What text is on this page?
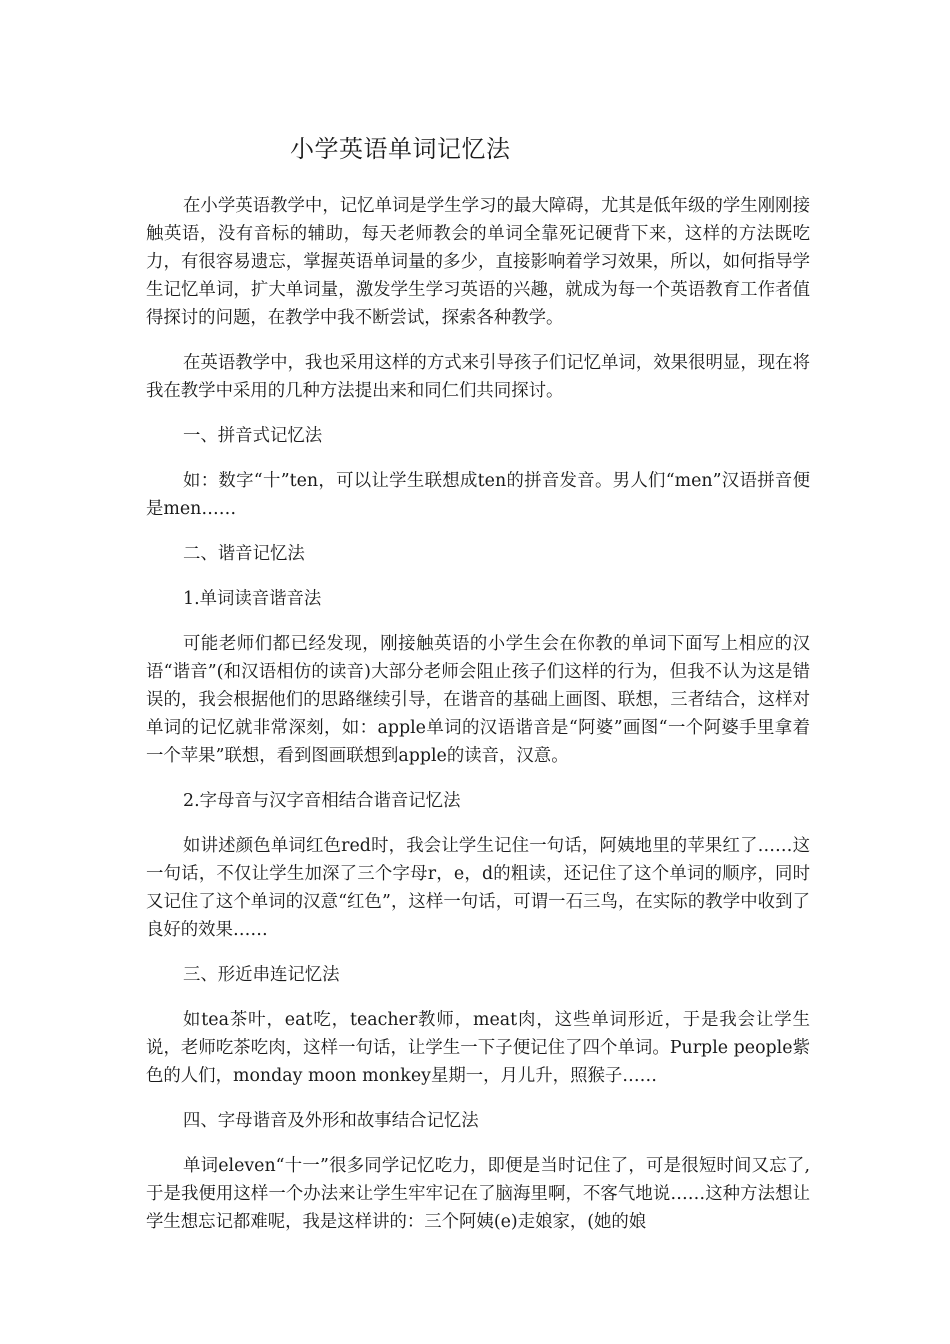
小学英语单词记忆法

在小学英语教学中，记忆单词是学生学习的最大障碍，尤其是低年级的学生刚刚接触英语，没有音标的辅助，每天老师教会的单词全靠死记硬背下来，这样的方法既吃力，有很容易遗忘，掌握英语单词量的多少，直接影响着学习效果，所以，如何指导学生记忆单词，扩大单词量，激发学生学习英语的兴趣，就成为每一个英语教育工作者值得探讨的问题，在教学中我不断尝试，探索各种教学。

在英语教学中，我也采用这样的方式来引导孩子们记忆单词，效果很明显，现在将我在教学中采用的几种方法提出来和同仁们共同探讨。

一、拼音式记忆法

如：数字“十”ten，可以让学生联想成ten的拼音发音。男人们“men”汉语拼音便是men……

二、谐音记忆法

1.单词读音谐音法

可能老师们都已经发现，刚接触英语的小学生会在你教的单词下面写上相应的汉语“谐音”(和汉语相仿的读音)大部分老师会阻止孩子们这样的行为，但我不认为这是错误的，我会根据他们的思路继续引导，在谐音的基础上画图、联想，三者结合，这样对单词的记忆就非常深刻，如：apple单词的汉语谐音是“阿婆”画图“一个阿婆手里拿着一个苹果”联想，看到图画联想到apple的读音，汉意。

2.字母音与汉字音相结合谐音记忆法

如讲述颜色单词红色red时，我会让学生记住一句话，阿姨地里的苹果红了……这一句话，不仅让学生加深了三个字母r，e，d的粗读，还记住了这个单词的顺序，同时又记住了这个单词的汉意“红色”，这样一句话，可谓一石三鸟，在实际的教学中收到了良好的效果……

三、形近串连记忆法

如tea茶叶，eat吃，teacher教师，meat肉，这些单词形近，于是我会让学生说，老师吃茶吃肉，这样一句话，让学生一下子便记住了四个单词。Purple people紫色的人们，monday moon monkey星期一，月儿升，照猴子……

四、字母谐音及外形和故事结合记忆法

单词eleven“十一”很多同学记忆吃力，即便是当时记住了，可是很短时间又忘了,于是我便用这样一个办法来让学生牢牢记在了脑海里啊，不客气地说……这种方法想让学生想忘记都难呢，我是这样讲的：三个阿姨(e)走娘家，(她的娘
